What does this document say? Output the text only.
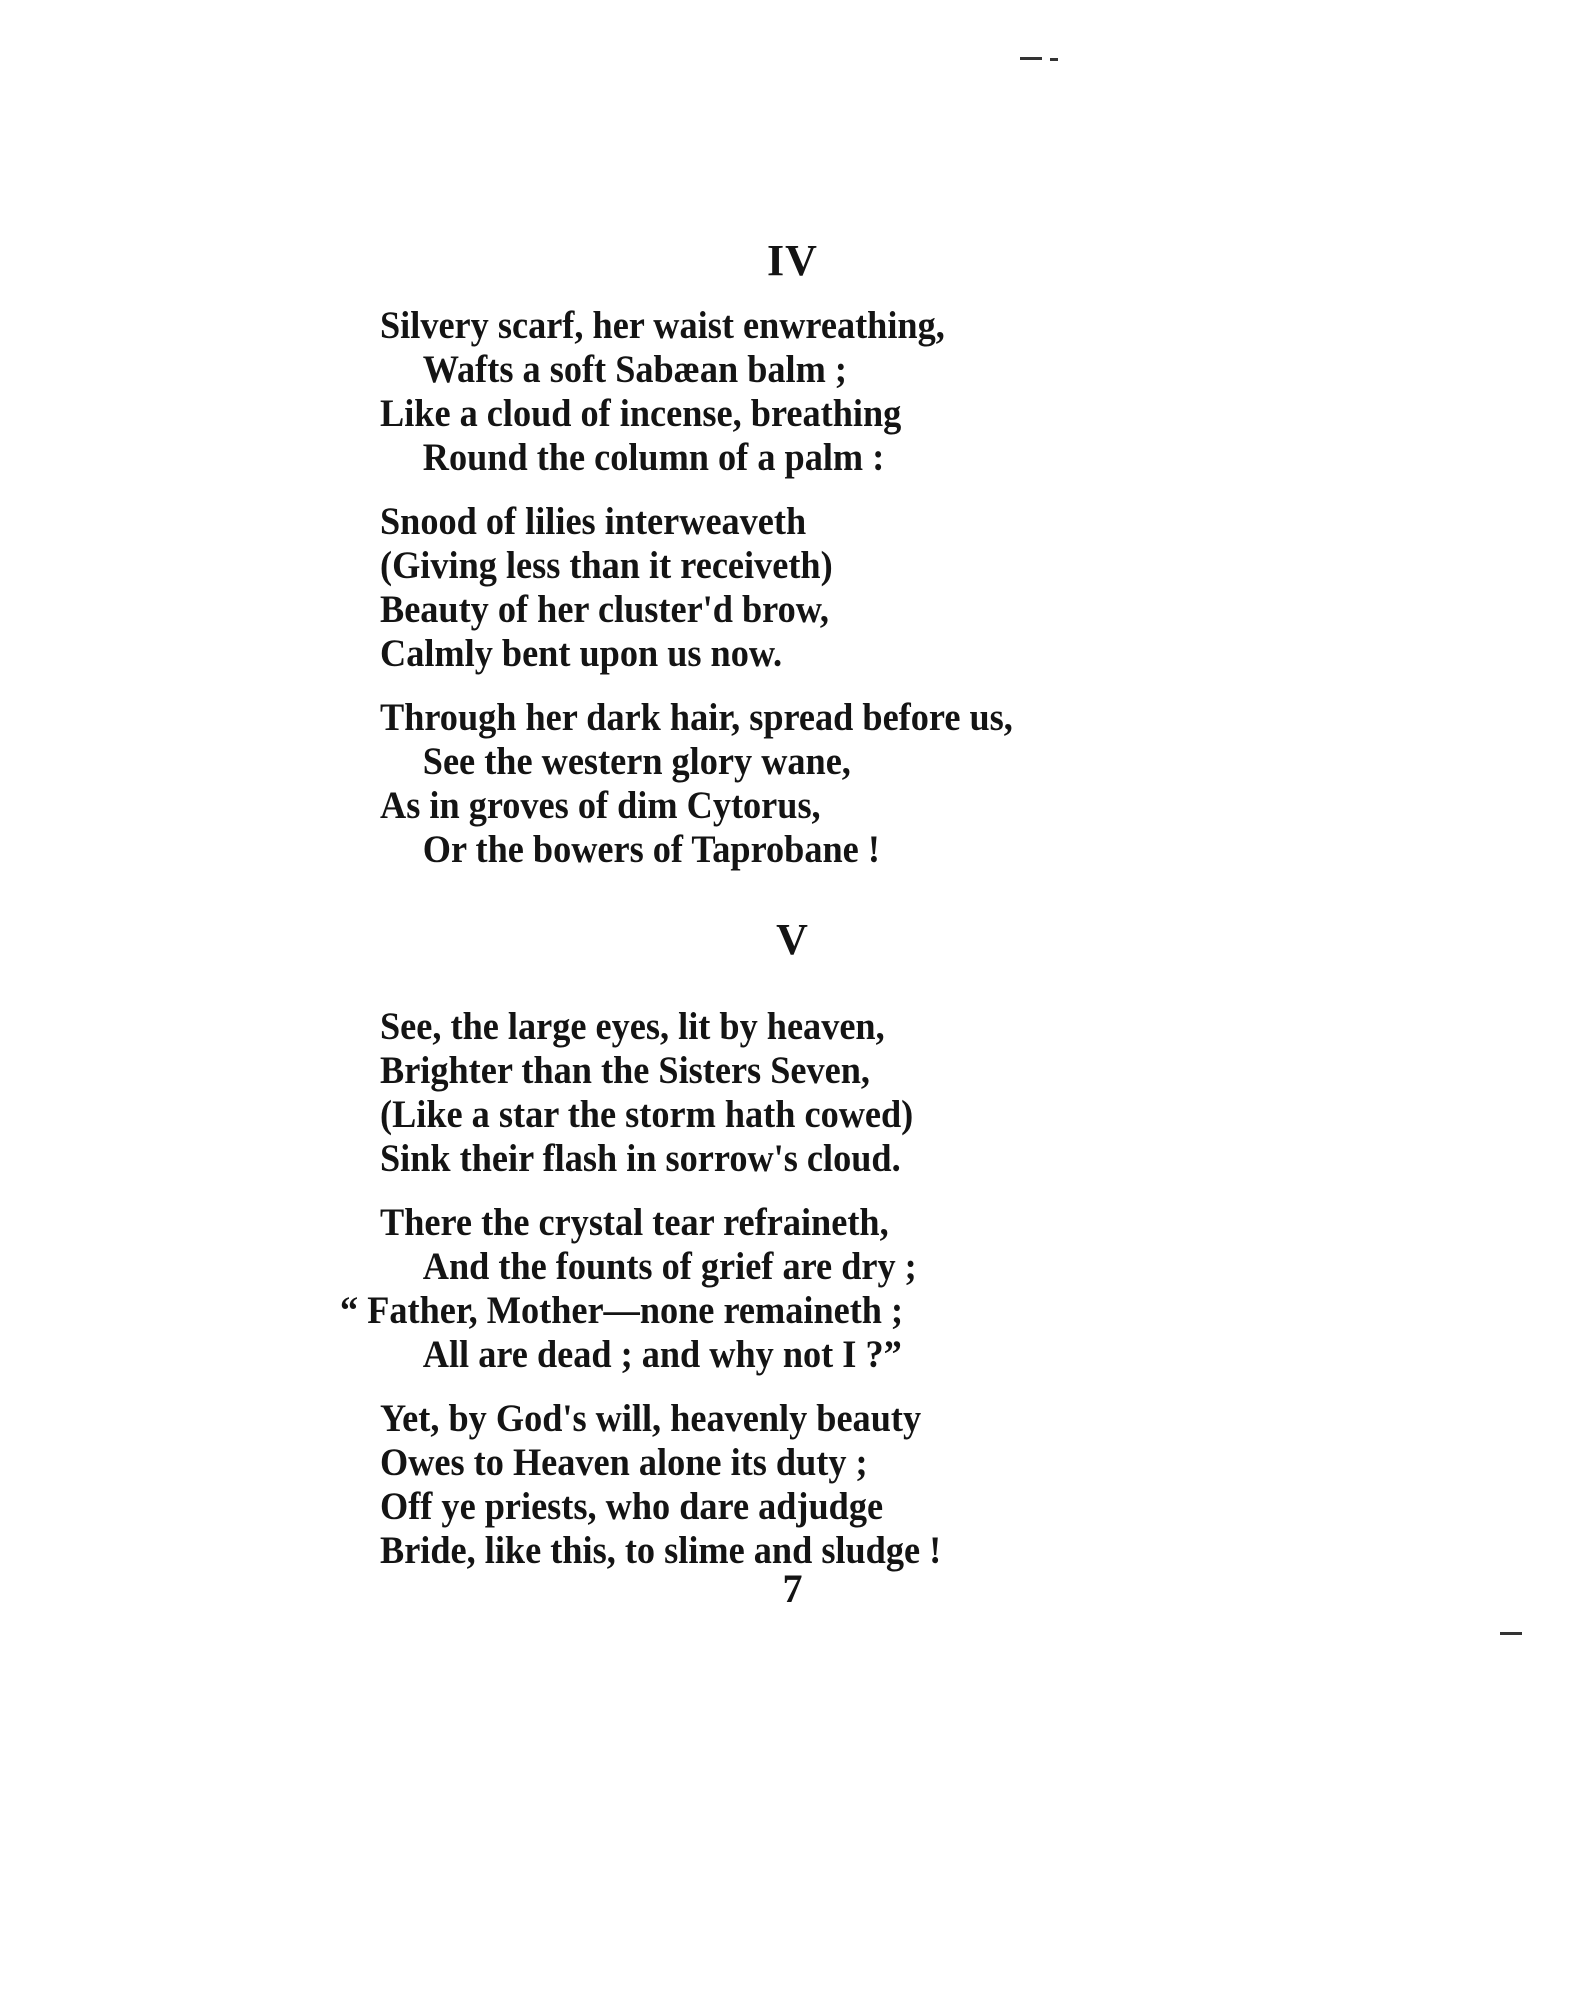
IV
Silvery scarf, her waist enwreathing,
Wafts a soft Sabæan balm ;
Like a cloud of incense, breathing
Round the column of a palm :
Snood of lilies interweaveth
(Giving less than it receiveth)
Beauty of her cluster'd brow,
Calmly bent upon us now.
Through her dark hair, spread before us,
See the western glory wane,
As in groves of dim Cytorus,
Or the bowers of Taprobane !
V
See, the large eyes, lit by heaven,
Brighter than the Sisters Seven,
(Like a star the storm hath cowed)
Sink their flash in sorrow's cloud.
There the crystal tear refraineth,
And the founts of grief are dry ;
“ Father, Mother—none remaineth ;
All are dead ; and why not I ?”
Yet, by God's will, heavenly beauty
Owes to Heaven alone its duty ;
Off ye priests, who dare adjudge
Bride, like this, to slime and sludge !
7
